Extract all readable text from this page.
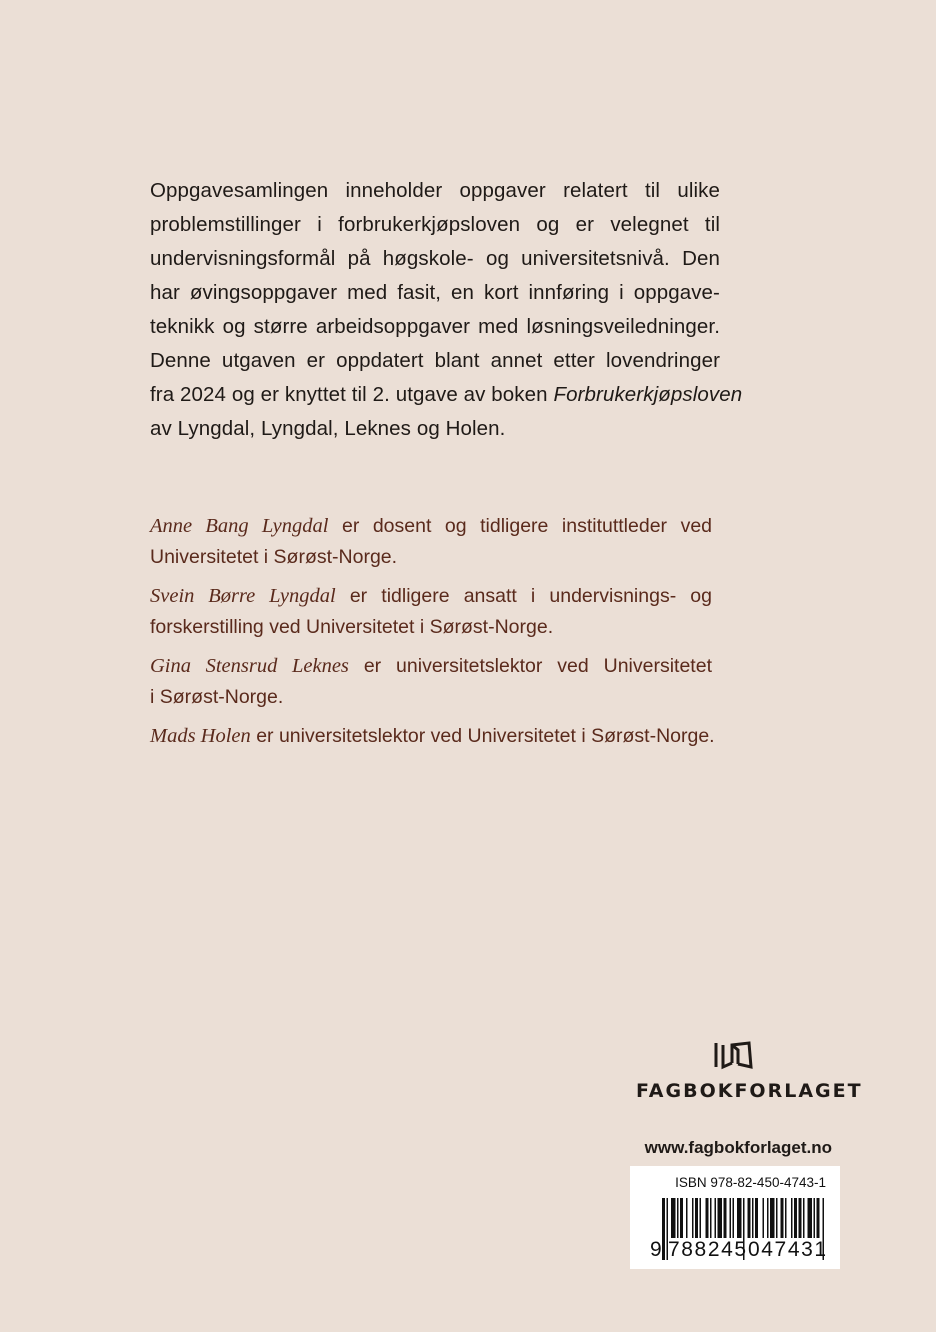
Oppgavesamlingen inneholder oppgaver relatert til ulike
problemstillinger i forbrukerkjøpsloven og er velegnet til
undervisningsformål på høgskole- og universitetsnivå. Den
har øvingsoppgaver med fasit, en kort innføring i oppgave-
teknikk og større arbeidsoppgaver med løsningsveiledninger.
Denne utgaven er oppdatert blant annet etter lovendringer
fra 2024 og er knyttet til 2. utgave av boken Forbrukerkjøpsloven
av Lyngdal, Lyngdal, Leknes og Holen.

Anne Bang Lyngdal er dosent og tidligere instituttleder ved
Universitetet i Sørøst-Norge.

Svein Børre Lyngdal er tidligere ansatt i undervisnings- og
forskerstilling ved Universitetet i Sørøst-Norge.

Gina Stensrud Leknes er universitetslektor ved Universitetet
i Sørøst-Norge.

Mads Holen er universitetslektor ved Universitetet i Sørøst-Norge.

FAGBOKFORLAGET
www.fagbokforlaget.no
ISBN 978-82-450-4743-1
9 788245 047431
